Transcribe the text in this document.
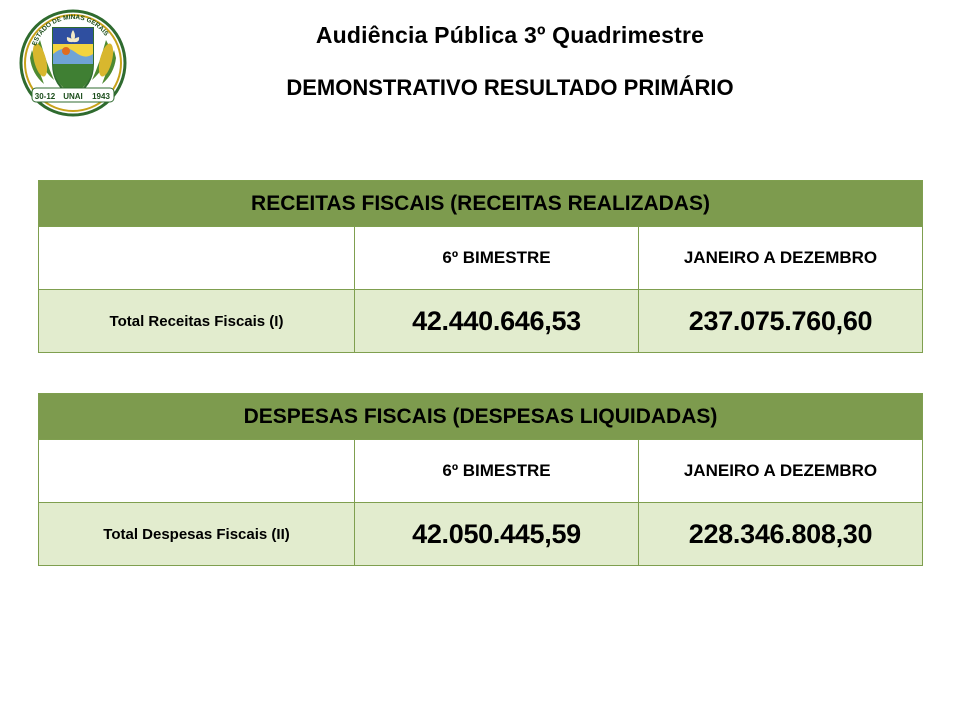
30-12 UNAI 1943
ESTADO DE MINAS GERAIS	Audiência Pública 3º Quadrimestre
DEMONSTRATIVO RESULTADO PRIMÁRIO
RECEITAS FISCAIS (RECEITAS REALIZADAS)		
	6º BIMESTRE	JANEIRO A DEZEMBRO
Total Receitas Fiscais (I)	42.440.646,53	237.075.760,60
DESPESAS FISCAIS (DESPESAS LIQUIDADAS)		
	6º BIMESTRE	JANEIRO A DEZEMBRO
Total Despesas Fiscais (II)	42.050.445,59	228.346.808,30
